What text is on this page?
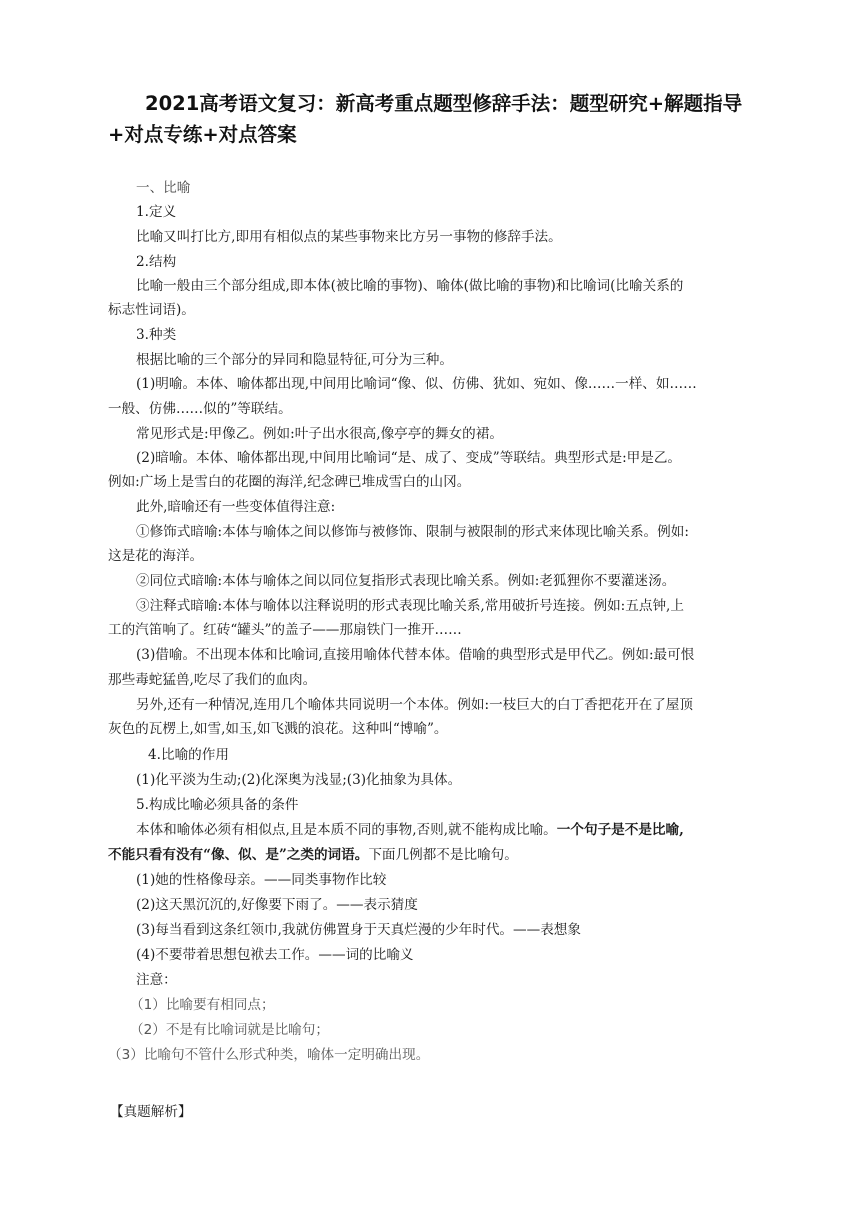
2021高考语文复习：新高考重点题型修辞手法：题型研究+解题指导+对点专练+对点答案

一、比喻

1.定义

比喻又叫打比方,即用有相似点的某些事物来比方另一事物的修辞手法。

2.结构

比喻一般由三个部分组成,即本体(被比喻的事物)、喻体(做比喻的事物)和比喻词(比喻关系的

标志性词语)。

3.种类

根据比喻的三个部分的异同和隐显特征,可分为三种。

(1)明喻。本体、喻体都出现,中间用比喻词“像、似、仿佛、犹如、宛如、像……一样、如……

一般、仿佛……似的”等联结。

常见形式是:甲像乙。例如:叶子出水很高,像亭亭的舞女的裙。

(2)暗喻。本体、喻体都出现,中间用比喻词“是、成了、变成”等联结。典型形式是:甲是乙。

例如:广场上是雪白的花圈的海洋,纪念碑已堆成雪白的山冈。

此外,暗喻还有一些变体值得注意:

①修饰式暗喻:本体与喻体之间以修饰与被修饰、限制与被限制的形式来体现比喻关系。例如:

这是花的海洋。

②同位式暗喻:本体与喻体之间以同位复指形式表现比喻关系。例如:老狐狸你不要灌迷汤。

③注释式暗喻:本体与喻体以注释说明的形式表现比喻关系,常用破折号连接。例如:五点钟,上

工的汽笛响了。红砖“罐头”的盖子——那扇铁门一推开……

(3)借喻。不出现本体和比喻词,直接用喻体代替本体。借喻的典型形式是甲代乙。例如:最可恨

那些毒蛇猛兽,吃尽了我们的血肉。

另外,还有一种情况,连用几个喻体共同说明一个本体。例如:一枝巨大的白丁香把花开在了屋顶

灰色的瓦楞上,如雪,如玉,如飞溅的浪花。这种叫“博喻”。

4.比喻的作用

(1)化平淡为生动;(2)化深奥为浅显;(3)化抽象为具体。

5.构成比喻必须具备的条件

本体和喻体必须有相似点,且是本质不同的事物,否则,就不能构成比喻。一个句子是不是比喻,

不能只看有没有“像、似、是”之类的词语。下面几例都不是比喻句。

(1)她的性格像母亲。——同类事物作比较

(2)这天黑沉沉的,好像要下雨了。——表示猜度

(3)每当看到这条红领巾,我就仿佛置身于天真烂漫的少年时代。——表想象

(4)不要带着思想包袱去工作。——词的比喻义

注意：

（1）比喻要有相同点；

（2）不是有比喻词就是比喻句；

（3）比喻句不管什么形式种类，喻体一定明确出现。

【真题解析】
